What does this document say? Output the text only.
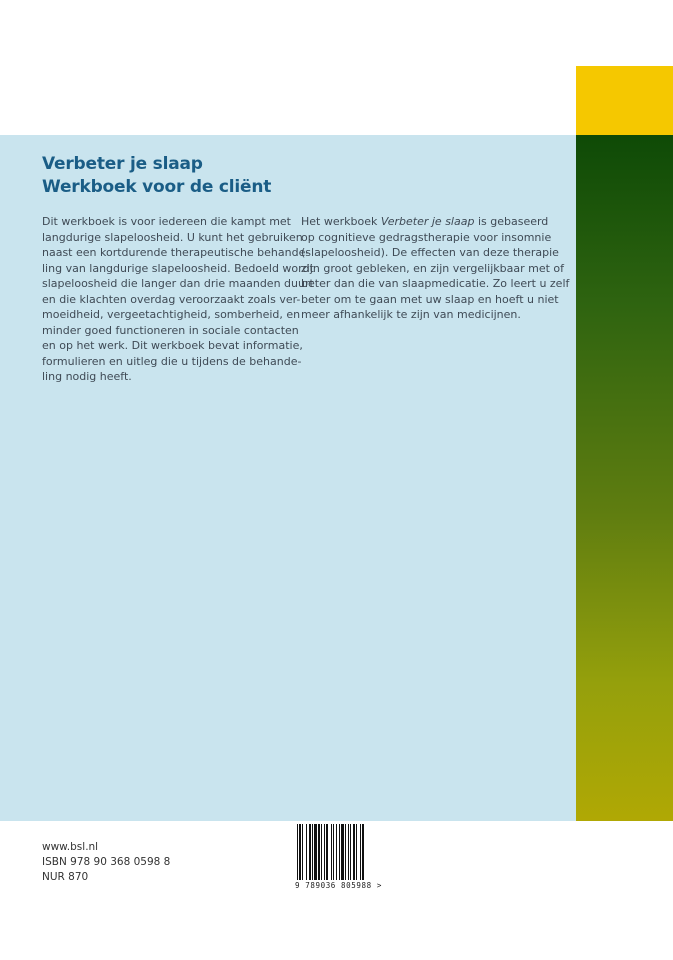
Verbeter je slaap
Werkboek voor de cliënt

Dit werkboek is voor iedereen die kampt met

langdurige slapeloosheid. U kunt het gebruiken

naast een kortdurende therapeutische behande-

ling van langdurige slapeloosheid. Bedoeld wordt

slapeloosheid die langer dan drie maanden duurt

en die klachten overdag veroorzaakt zoals ver-

moeidheid, vergeetachtigheid, somberheid, en

minder goed functioneren in sociale contacten

en op het werk. Dit werkboek bevat informatie,

formulieren en uitleg die u tijdens de behande-

ling nodig heeft.

Het werkboek Verbeter je slaap is gebaseerd

op cognitieve gedragstherapie voor insomnie

(slapeloosheid). De effecten van deze therapie

zijn groot gebleken, en zijn vergelijkbaar met of

beter dan die van slaapmedicatie. Zo leert u zelf

beter om te gaan met uw slaap en hoeft u niet

meer afhankelijk te zijn van medicijnen.

www.bsl.nl
ISBN 978 90 368 0598 8
NUR 870
9 789036 805988 >
